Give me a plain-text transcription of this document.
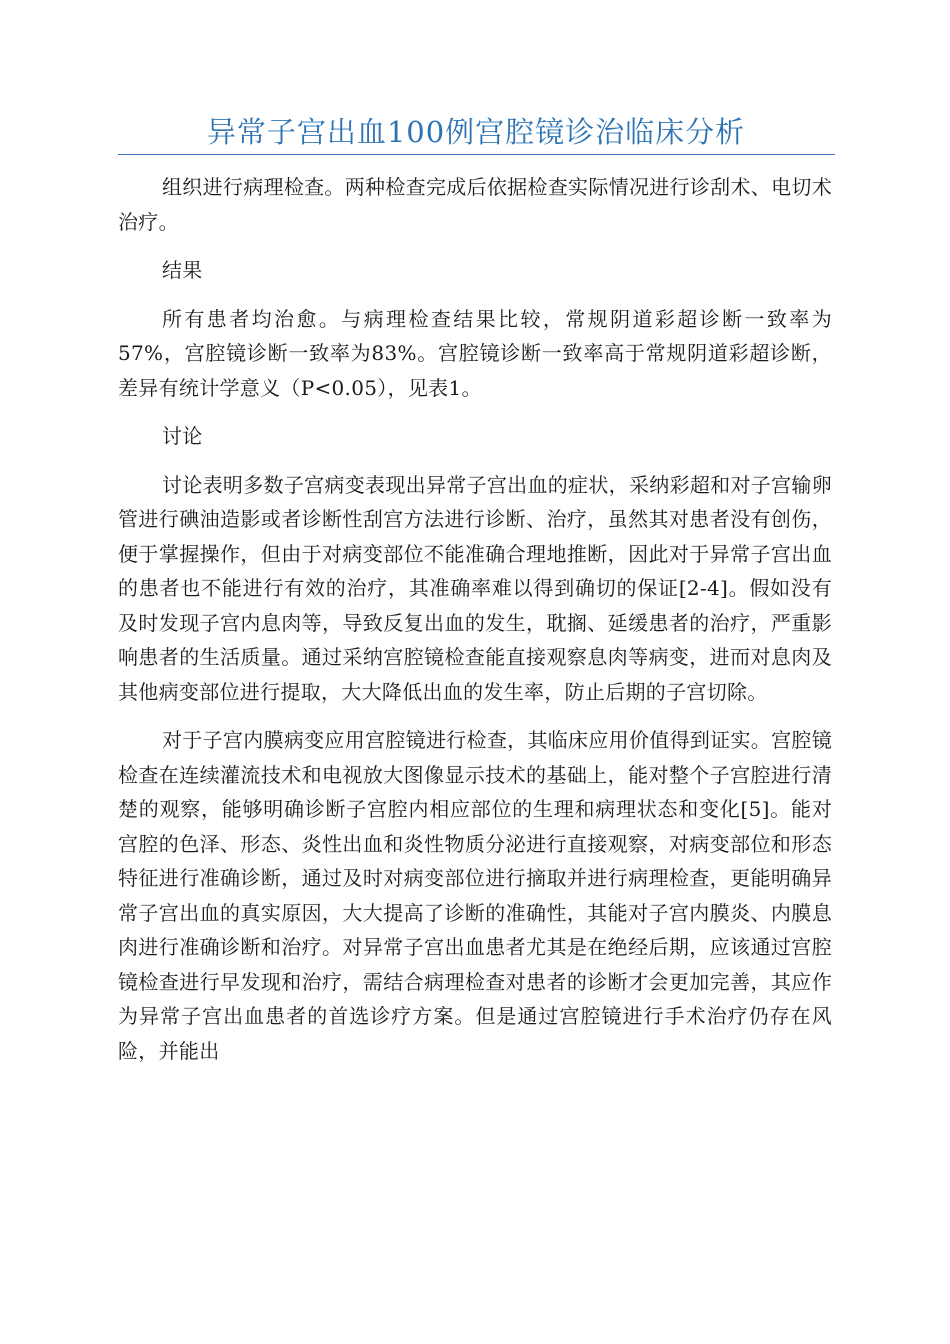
异常子宫出血100例宫腔镜诊治临床分析

组织进行病理检查。两种检查完成后依据检查实际情况进行诊刮术、电切术治疗。

结果

所有患者均治愈。与病理检查结果比较，常规阴道彩超诊断一致率为57%，宫腔镜诊断一致率为83%。宫腔镜诊断一致率高于常规阴道彩超诊断，差异有统计学意义（P<0.05），见表1。

讨论

讨论表明多数子宫病变表现出异常子宫出血的症状，采纳彩超和对子宫输卵管进行碘油造影或者诊断性刮宫方法进行诊断、治疗，虽然其对患者没有创伤，便于掌握操作，但由于对病变部位不能准确合理地推断，因此对于异常子宫出血的患者也不能进行有效的治疗，其准确率难以得到确切的保证[2-4]。假如没有及时发现子宫内息肉等，导致反复出血的发生，耽搁、延缓患者的治疗，严重影响患者的生活质量。通过采纳宫腔镜检查能直接观察息肉等病变，进而对息肉及其他病变部位进行提取，大大降低出血的发生率，防止后期的子宫切除。

对于子宫内膜病变应用宫腔镜进行检查，其临床应用价值得到证实。宫腔镜检查在连续灌流技术和电视放大图像显示技术的基础上，能对整个子宫腔进行清楚的观察，能够明确诊断子宫腔内相应部位的生理和病理状态和变化[5]。能对宫腔的色泽、形态、炎性出血和炎性物质分泌进行直接观察，对病变部位和形态特征进行准确诊断，通过及时对病变部位进行摘取并进行病理检查，更能明确异常子宫出血的真实原因，大大提高了诊断的准确性，其能对子宫内膜炎、内膜息肉进行准确诊断和治疗。对异常子宫出血患者尤其是在绝经后期，应该通过宫腔镜检查进行早发现和治疗，需结合病理检查对患者的诊断才会更加完善，其应作为异常子宫出血患者的首选诊疗方案。但是通过宫腔镜进行手术治疗仍存在风险，并能出
